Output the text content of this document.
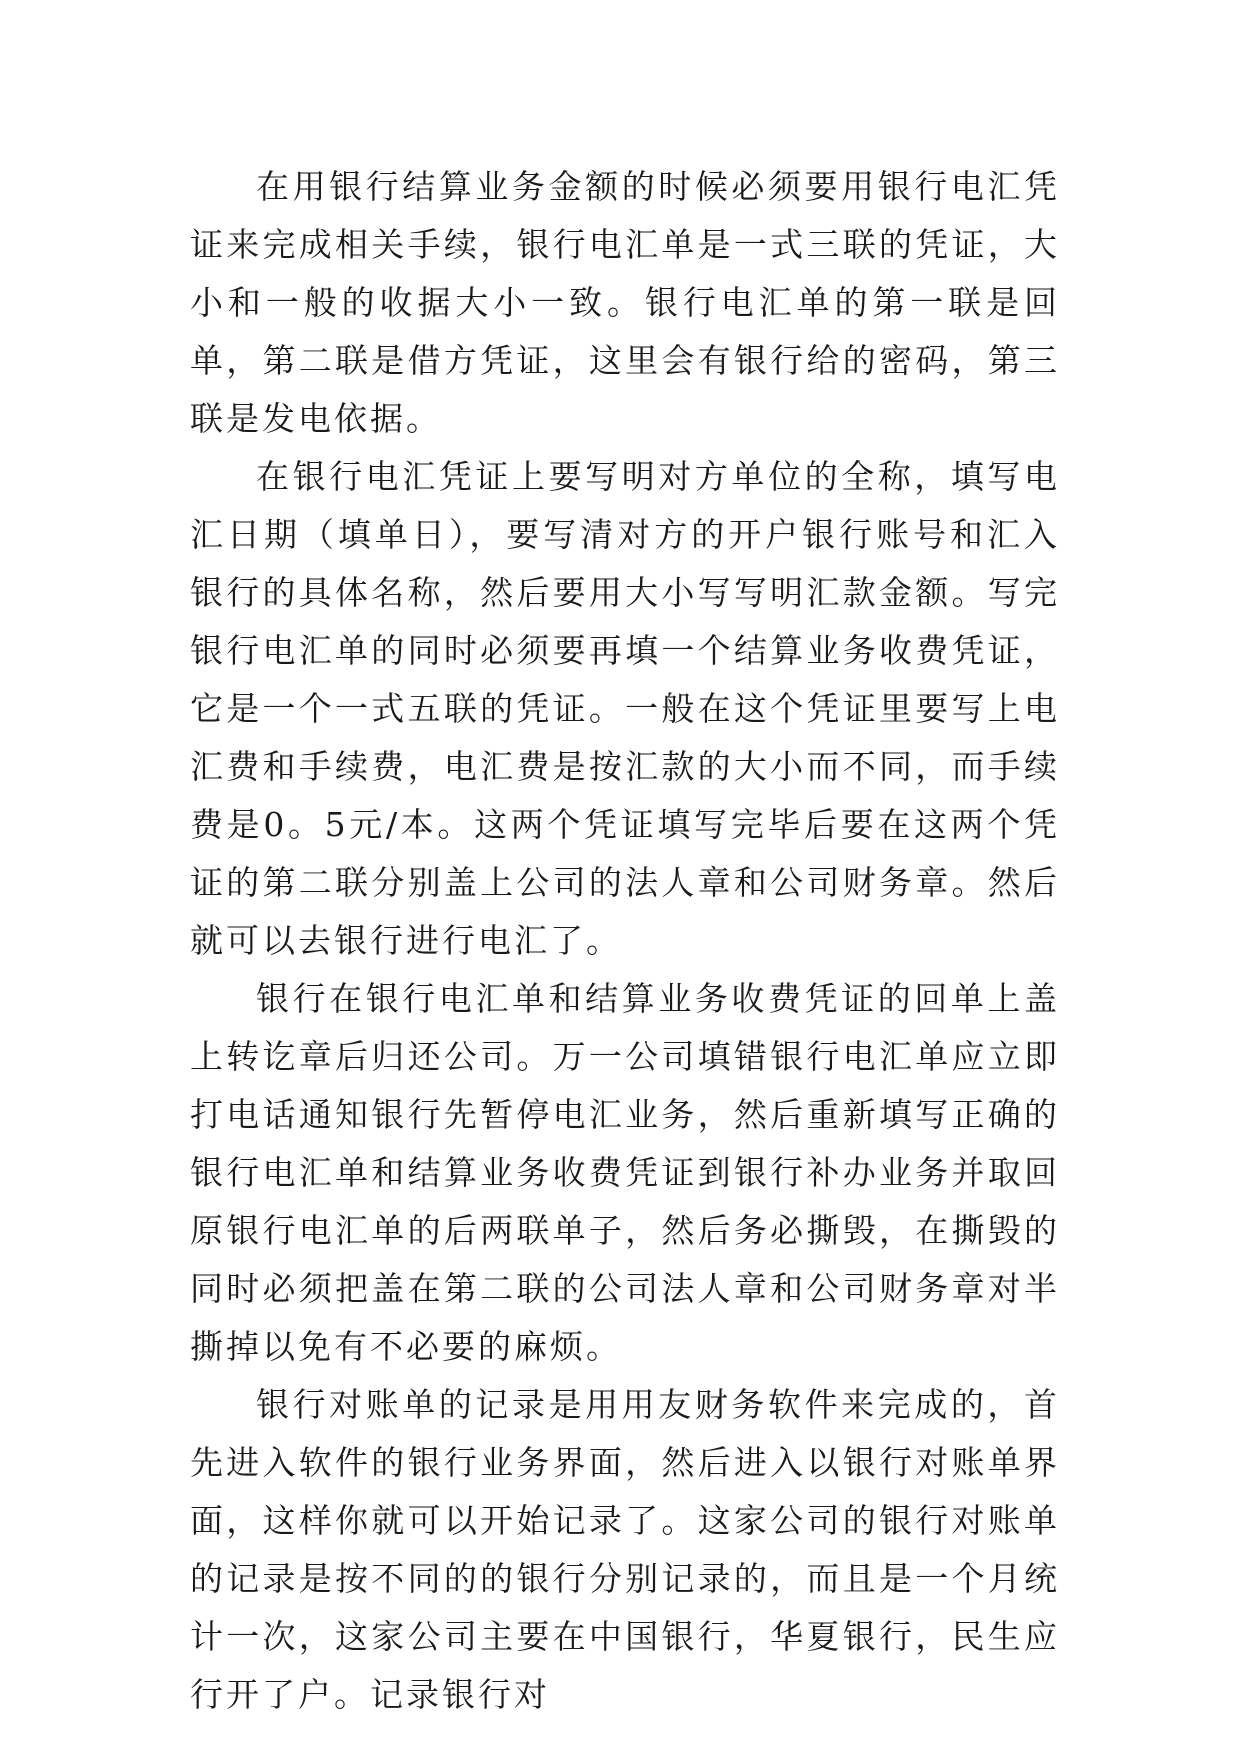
在用银行结算业务金额的时候必须要用银行电汇凭证来完成相关手续，银行电汇单是一式三联的凭证，大小和一般的收据大小一致。银行电汇单的第一联是回单，第二联是借方凭证，这里会有银行给的密码，第三联是发电依据。

在银行电汇凭证上要写明对方单位的全称，填写电汇日期（填单日），要写清对方的开户银行账号和汇入银行的具体名称，然后要用大小写写明汇款金额。写完银行电汇单的同时必须要再填一个结算业务收费凭证，它是一个一式五联的凭证。一般在这个凭证里要写上电汇费和手续费，电汇费是按汇款的大小而不同，而手续费是0。5元/本。这两个凭证填写完毕后要在这两个凭证的第二联分别盖上公司的法人章和公司财务章。然后就可以去银行进行电汇了。

银行在银行电汇单和结算业务收费凭证的回单上盖上转讫章后归还公司。万一公司填错银行电汇单应立即打电话通知银行先暂停电汇业务，然后重新填写正确的银行电汇单和结算业务收费凭证到银行补办业务并取回原银行电汇单的后两联单子，然后务必撕毁，在撕毁的同时必须把盖在第二联的公司法人章和公司财务章对半撕掉以免有不必要的麻烦。

银行对账单的记录是用用友财务软件来完成的，首先进入软件的银行业务界面，然后进入以银行对账单界面，这样你就可以开始记录了。这家公司的银行对账单的记录是按不同的的银行分别记录的，而且是一个月统计一次，这家公司主要在中国银行，华夏银行，民生应行开了户。记录银行对
